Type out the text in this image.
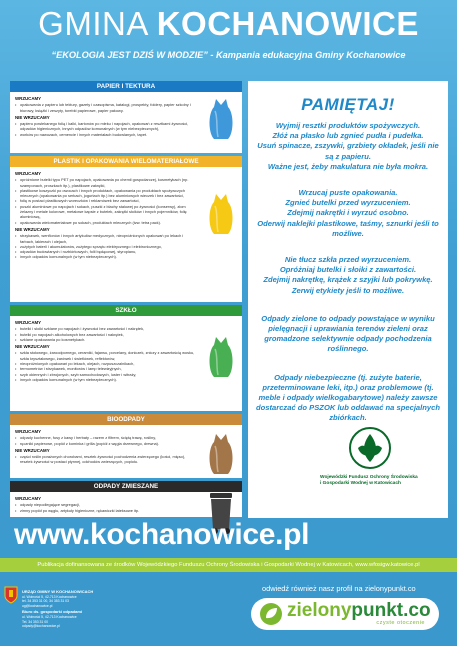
GMINA KOCHANOWICE
“EKOLOGIA JEST DZIŚ W MODZIE” - Kampania edukacyjna Gminy Kochanowice
PAPIER I TEKTURA
WRZUCAMY
• opakowania z papieru lub tektury, gazety i czasopisma, katalogi, prospekty, foldery, papier szkolny i biurowy, książki i zeszyty, torebki papierowe, papier pakowy.
NIE WRZUCAMY
• papieru powlekanego folią i kalki, kartonów po mleku i napojach, opakowań z resztkami żywności, odpadów higienicznych, innych odpadów komunalnych (w tym niebezpiecznych),
• worków po nawozach, cemencie i innych materiałach budowlanych, tapet.
PLASTIK I OPAKOWANIA WIELOMATERIAŁOWE
WRZUCAMY
• opróżnione butelki typu PET po napojach, opakowania po chemii gospodarczej, kosmetykach (np. szamponach, proszkach itp.), plastikowe zakrętki,
• plastikowe koszyczki po owocach i innych produktach, opakowania po produktach spożywczych mlecznych (opakowania po serkach, jogurtach itp.) bez aluminiowych wieczek i bez zawartości,
• folię w postaci plastikowych woreczków i reklamówek bez zawartości,
• puszki aluminiowe po napojach i sokach, puszki z blachy stalowej po żywności (konserwy), złom żelazny i metale kolorowe, metalowe kapsle z butelek, zakrętki słoików i innych pojemników, folię aluminiową,
• opakowania wielomateriałowe po sokach, produktach mlecznych (tzw. tetra pack).
NIE WRZUCAMY
• strzykawek, wenflonów i innych artykułów medycznych, nieopróżnionych opakowań po lekach i farbach, lakierach i olejach,
• zużytych baterii i akumulatorów, zużytego sprzętu elektrycznego i elektronicznego,
• odpadów budowlanych i rozbiórkowych, folii będącowej, styropianu,
• innych odpadów komunalnych (w tym niebezpiecznych).
SZKŁO
WRZUCAMY
• butelki i słoiki szklane po napojach i żywności bez zawartości i nakrętek,
• butelki po napojach alkoholowych bez zawartości i nakrętek,
• szklane opakowania po kosmetykach.
NIE WRZUCAMY
• szkła stołowego, żaroodpornego, ceramiki, fajansu, porcelany, doniczek, zniczy z zawartością wosku, szkła kryształowego, żarówek i świetlówek, reflektorów,
• nieopróżnionych opakowań po lekach, olejach, rozpuszczalnikach,
• termometrów i strzykawek, monitorów i lamp telewizyjnych,
• szyb okiennych i zbrojonych, szyb samochodowych, luster i witraży,
• innych odpadów komunalnych (w tym niebezpiecznych).
BIOODPADY
WRZUCAMY
• odpady kuchenne, fusy z kawy i herbaty – razem z filtrem, ściętą trawę, rośliny,
• ręczniki papierowe, popiół z kominka i grilla (popiół z węgla drzewnego, drewna).
NIE WRZUCAMY
• części roślin porażonych chorobami, resztek żywności pochodzenia zwierzęcego (kości, mięso), resztek żywności w postaci płynnej, odchodów zwierzęcych, popiołu.
ODPADY ZMIESZANE
WRZUCAMY
• odpady niepodlegające segregacji,
• zimny popiół po węglu, artykuły higieniczne, rękawiczki lateksowe itp.
PAMIĘTAJ!
Wyjmij resztki produktów spożywczych.
Złóż na płasko lub zgnieć pudła i pudełka.
Usuń spinacze, zszywki, grzbiety okładek, jeśli nie są z papieru.
Ważne jest, żeby makulatura nie była mokra.
Wrzucaj puste opakowania.
Zgnieć butelki przed wyrzuceniem.
Zdejmij nakrętki i wyrzuć osobno.
Oderwij naklejki plastikowe, taśmy, sznurki jeśli to możliwe.
Nie tłucz szkła przed wyrzuceniem.
Opróżniaj butelki i słoiki z zawartości.
Zdejmij nakrętkę, krążek z szyjki lub pokrywkę.
Zerwij etykiety jeśli to możliwe.
Odpady zielone to odpady powstające w wyniku pielęgnacji i uprawiania terenów zieleni oraz gromadzone selektywnie odpady pochodzenia roślinnego.
Odpady niebezpieczne (tj. zużyte baterie, przeterminowane leki, itp.) oraz problemowe (tj. meble i odpady wielkogabarytowe) należy zawsze dostarczać do PSZOK lub oddawać na specjalnych zbiórkach.
Wojewódzki Fundusz Ochrony Środowiska
i Gospodarki Wodnej w Katowicach
www.kochanowice.pl
Publikacja dofinansowana ze środków Wojewódzkiego Funduszu Ochrony Środowiska i Gospodarki Wodnej w Katowicach, www.wfosigw.katowice.pl
URZĄD GMINY W KOCHANOWICACH
ul. Wolności 5, 42-713 Kochanowice
tel. 34 353 31 00, 34 353 31 03
ug@kochanowice.pl
Biuro ds. gospodarki odpadami
ul. Wolności 5, 42-713 Kochanowice
Tel. 34 353 31 00
odpady@kochanowice.pl
odwiedź również nasz profil na zielonypunkt.co
zielonypunkt.co
czyste otoczenie
